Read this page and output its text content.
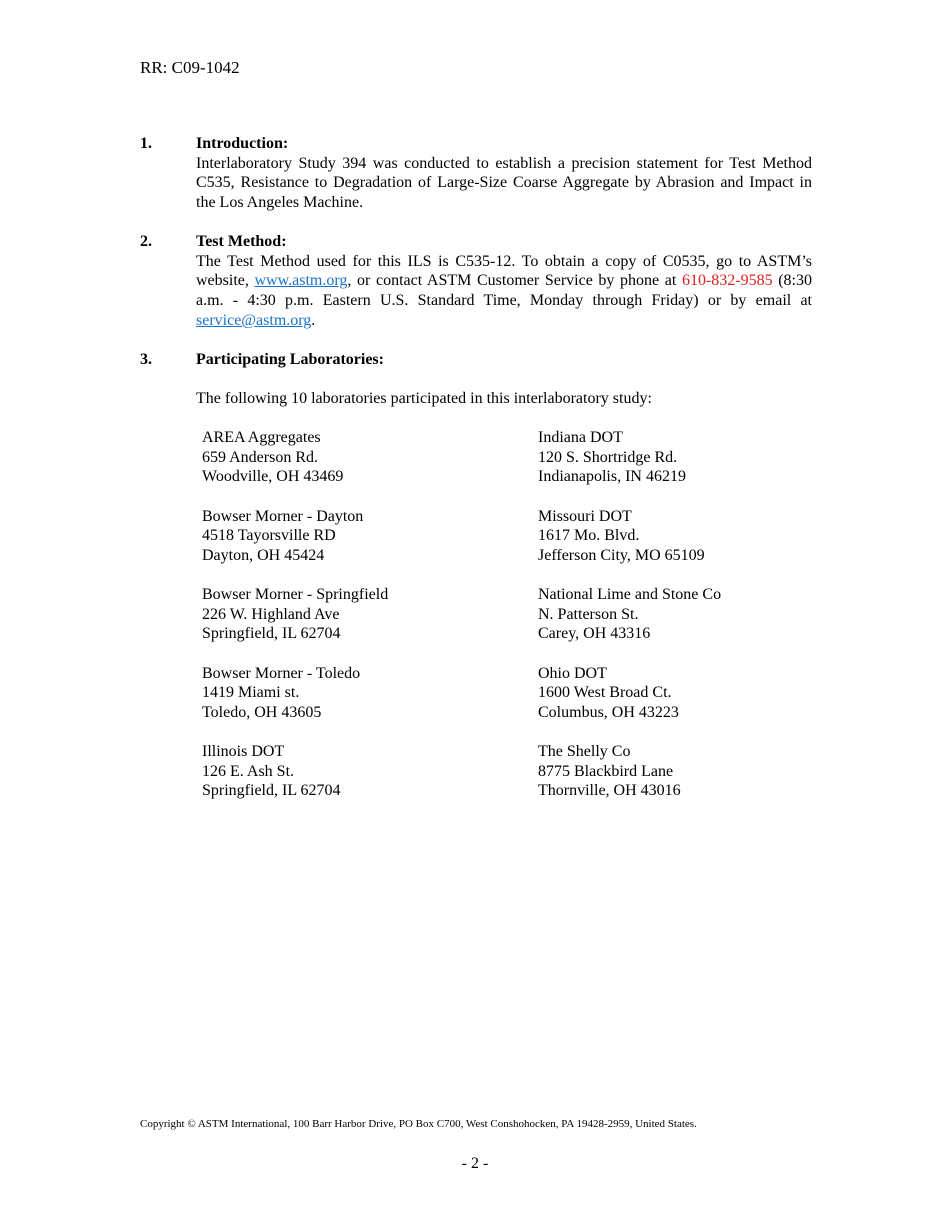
RR: C09-1042
1.	Introduction:
Interlaboratory Study 394 was conducted to establish a precision statement for Test Method C535, Resistance to Degradation of Large-Size Coarse Aggregate by Abrasion and Impact in the Los Angeles Machine.
2.	Test Method:
The Test Method used for this ILS is C535-12. To obtain a copy of C0535, go to ASTM’s website, www.astm.org, or contact ASTM Customer Service by phone at 610-832-9585 (8:30 a.m. - 4:30 p.m. Eastern U.S. Standard Time, Monday through Friday) or by email at service@astm.org.
3.	Participating Laboratories:
The following 10 laboratories participated in this interlaboratory study:
AREA Aggregates
659 Anderson Rd.
Woodville, OH 43469
Bowser Morner - Dayton
4518 Tayorsville RD
Dayton, OH 45424
Bowser Morner - Springfield
226 W. Highland Ave
Springfield, IL 62704
Bowser Morner - Toledo
1419 Miami st.
Toledo, OH 43605
Illinois DOT
126 E. Ash St.
Springfield, IL 62704
Indiana DOT
120 S. Shortridge Rd.
Indianapolis, IN 46219
Missouri DOT
1617 Mo. Blvd.
Jefferson City, MO 65109
National Lime and Stone Co
N. Patterson St.
Carey, OH 43316
Ohio DOT
1600 West Broad Ct.
Columbus, OH 43223
The Shelly Co
8775 Blackbird Lane
Thornville, OH 43016
Copyright © ASTM International, 100 Barr Harbor Drive, PO Box C700, West Conshohocken, PA 19428-2959, United States.
- 2 -
